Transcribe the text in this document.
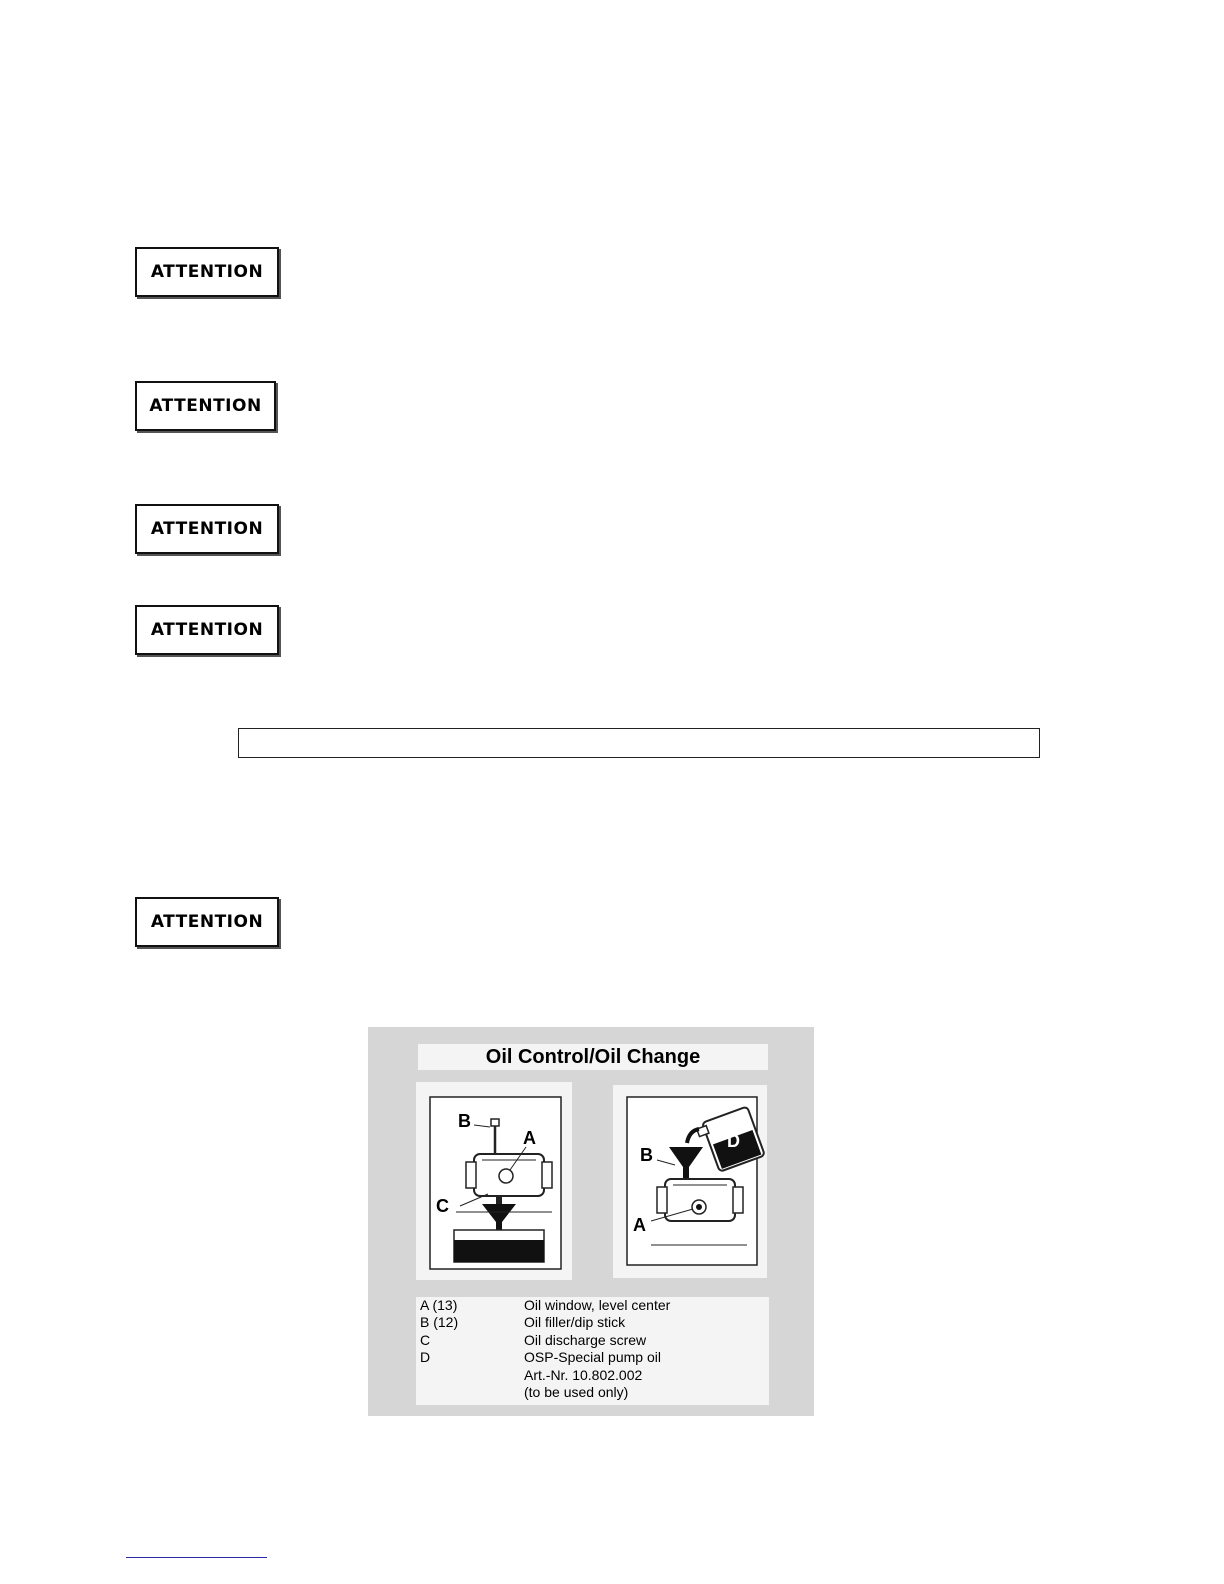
ATTENTION
ATTENTION
ATTENTION
ATTENTION
ATTENTION
Oil Control/Oil Change
B
A
C
D
B
A
A (13)	Oil window, level center
B (12)	Oil filler/dip stick
C	Oil discharge screw
D	OSP-Special pump oil
Art.-Nr. 10.802.002
(to be used only)
